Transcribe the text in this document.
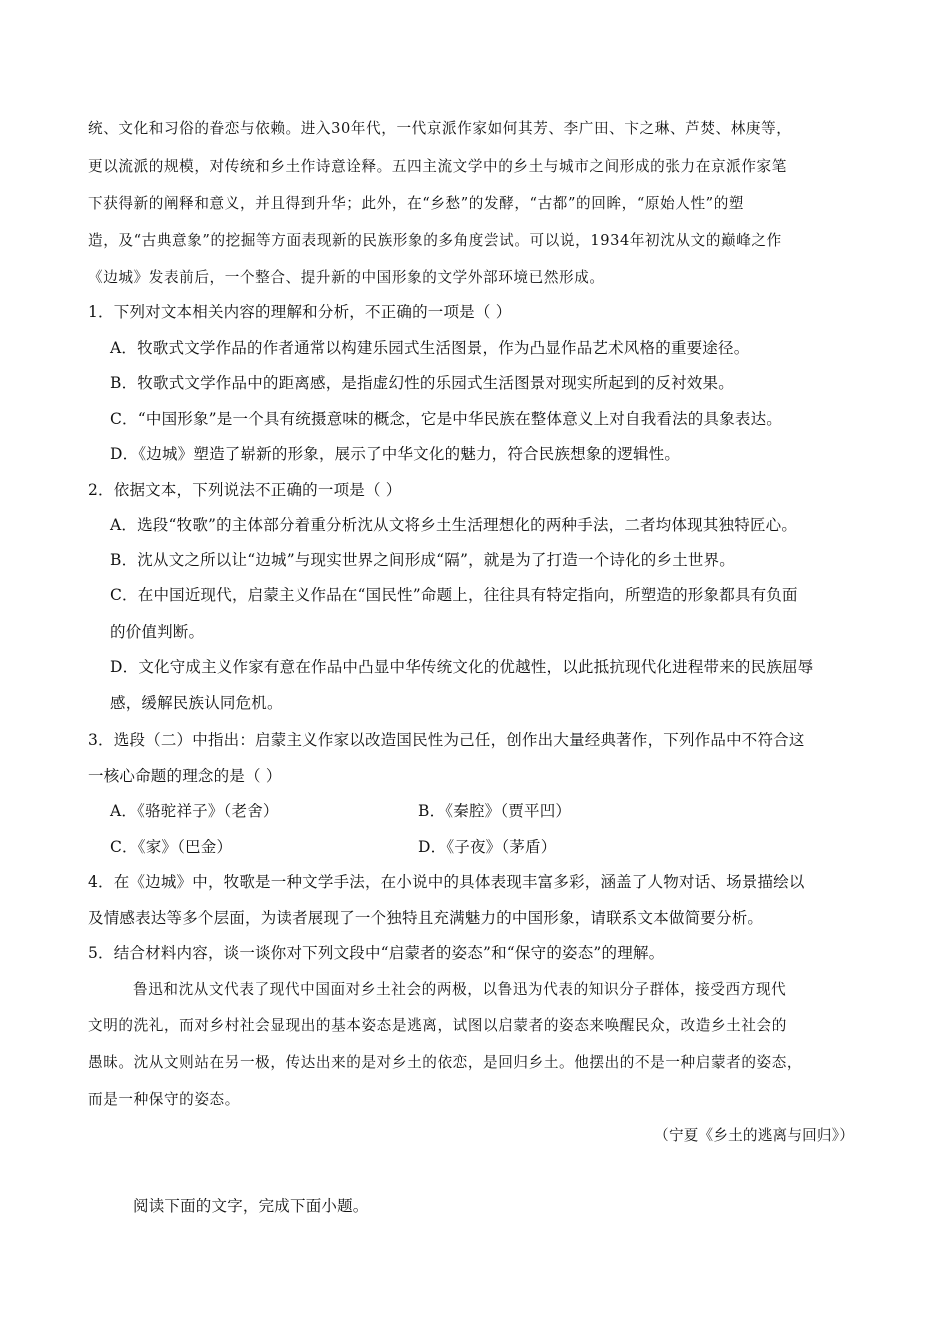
统、文化和习俗的眷恋与依赖。进入30年代，一代京派作家如何其芳、李广田、卞之琳、芦焚、林庚等，
更以流派的规模，对传统和乡土作诗意诠释。五四主流文学中的乡土与城市之间形成的张力在京派作家笔
下获得新的阐释和意义，并且得到升华；此外，在“乡愁”的发酵，“古都”的回眸，“原始人性”的塑
造，及“古典意象”的挖掘等方面表现新的民族形象的多角度尝试。可以说，1934年初沈从文的巅峰之作
《边城》发表前后，一个整合、提升新的中国形象的文学外部环境已然形成。
1．下列对文本相关内容的理解和分析，不正确的一项是（ ）
A．牧歌式文学作品的作者通常以构建乐园式生活图景，作为凸显作品艺术风格的重要途径。
B．牧歌式文学作品中的距离感，是指虚幻性的乐园式生活图景对现实所起到的反衬效果。
C．“中国形象”是一个具有统摄意味的概念，它是中华民族在整体意义上对自我看法的具象表达。
D．《边城》塑造了崭新的形象，展示了中华文化的魅力，符合民族想象的逻辑性。
2．依据文本，下列说法不正确的一项是（ ）
A．选段“牧歌”的主体部分着重分析沈从文将乡土生活理想化的两种手法，二者均体现其独特匠心。
B．沈从文之所以让“边城”与现实世界之间形成“隔”，就是为了打造一个诗化的乡土世界。
C．在中国近现代，启蒙主义作品在“国民性”命题上，往往具有特定指向，所塑造的形象都具有负面
的价值判断。
D．文化守成主义作家有意在作品中凸显中华传统文化的优越性，以此抵抗现代化进程带来的民族屈辱
感，缓解民族认同危机。
3．选段（二）中指出：启蒙主义作家以改造国民性为己任，创作出大量经典著作，下列作品中不符合这
一核心命题的理念的是（ ）
A．《骆驼祥子》（老舍）	B．《秦腔》（贾平凹）
C．《家》（巴金）	D．《子夜》（茅盾）
4．在《边城》中，牧歌是一种文学手法，在小说中的具体表现丰富多彩，涵盖了人物对话、场景描绘以
及情感表达等多个层面，为读者展现了一个独特且充满魅力的中国形象，请联系文本做简要分析。
5．结合材料内容，谈一谈你对下列文段中“启蒙者的姿态”和“保守的姿态”的理解。
鲁迅和沈从文代表了现代中国面对乡土社会的两极，以鲁迅为代表的知识分子群体，接受西方现代
文明的洗礼，而对乡村社会显现出的基本姿态是逃离，试图以启蒙者的姿态来唤醒民众，改造乡土社会的
愚昧。沈从文则站在另一极，传达出来的是对乡土的依恋，是回归乡土。他摆出的不是一种启蒙者的姿态，
而是一种保守的姿态。
（宁夏《乡土的逃离与回归》）
阅读下面的文字，完成下面小题。
